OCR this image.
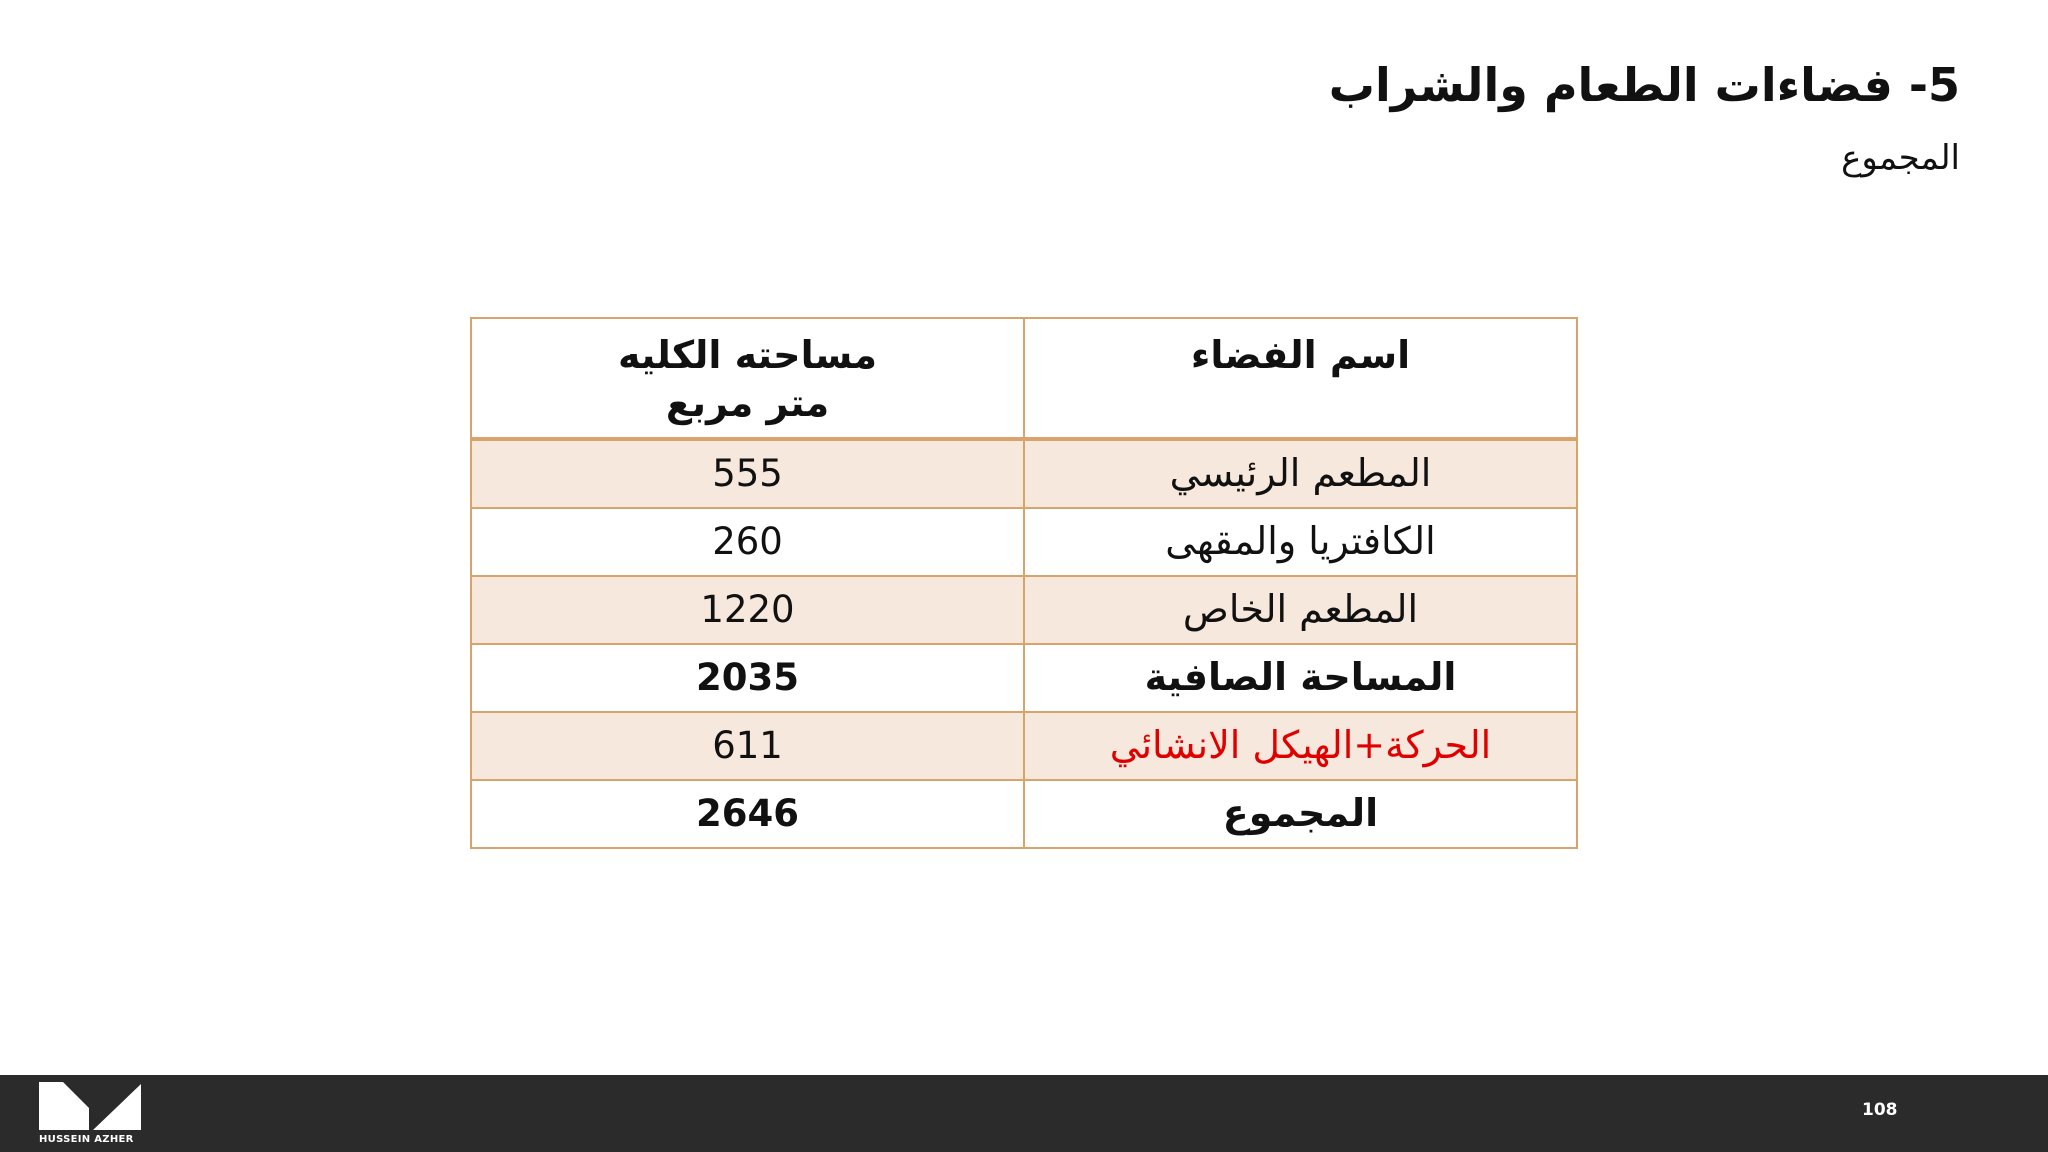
5- فضاءات الطعام والشراب
المجموع
اسم الفضاء	مساحته الكليه
متر مربع

المطعم الرئيسي	555
الكافتريا والمقهى	260
المطعم الخاص	1220
المساحة الصافية	2035
الحركة+الهيكل الانشائي	611
المجموع	2646
HUSSEIN AZHER
108
